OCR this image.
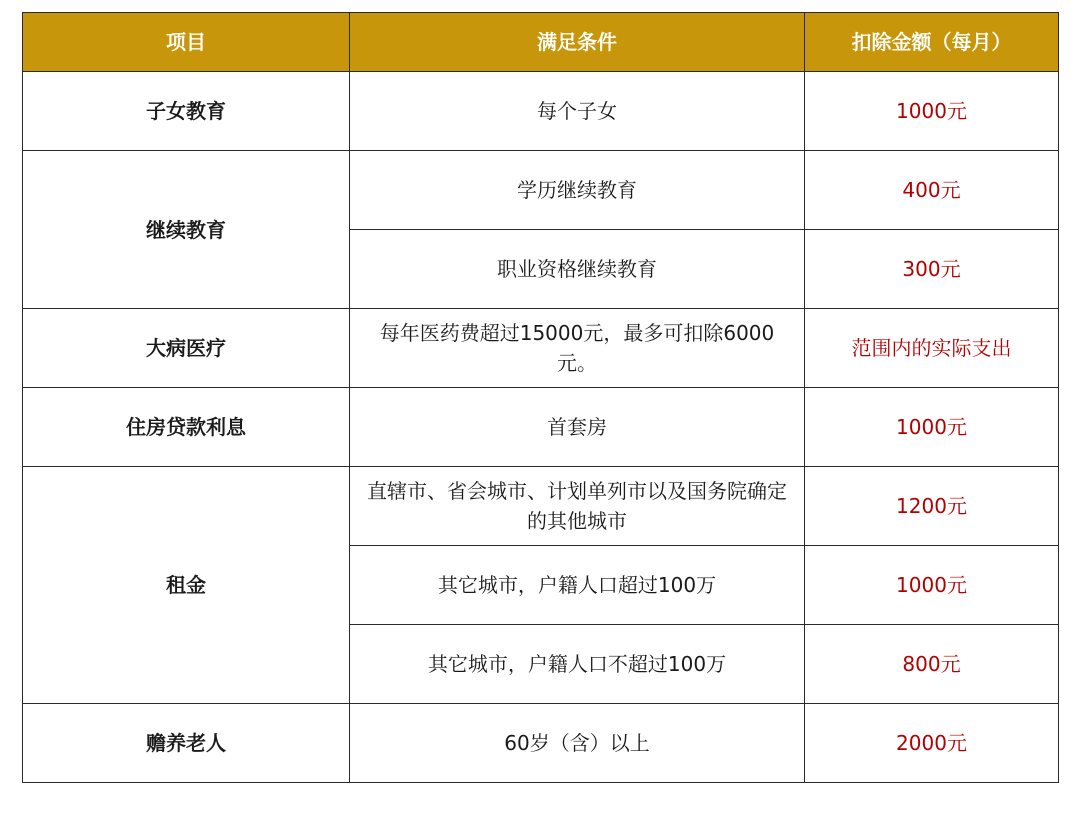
项目	满足条件	扣除金额（每月）
子女教育	每个子女	1000元
继续教育	学历继续教育	400元
	职业资格继续教育	300元
大病医疗	每年医药费超过15000元，最多可扣除6000元。	范围内的实际支出
住房贷款利息	首套房	1000元
租金	直辖市、省会城市、计划单列市以及国务院确定的其他城市	1200元
	其它城市，户籍人口超过100万	1000元
	其它城市，户籍人口不超过100万	800元
赡养老人	60岁（含）以上	2000元
